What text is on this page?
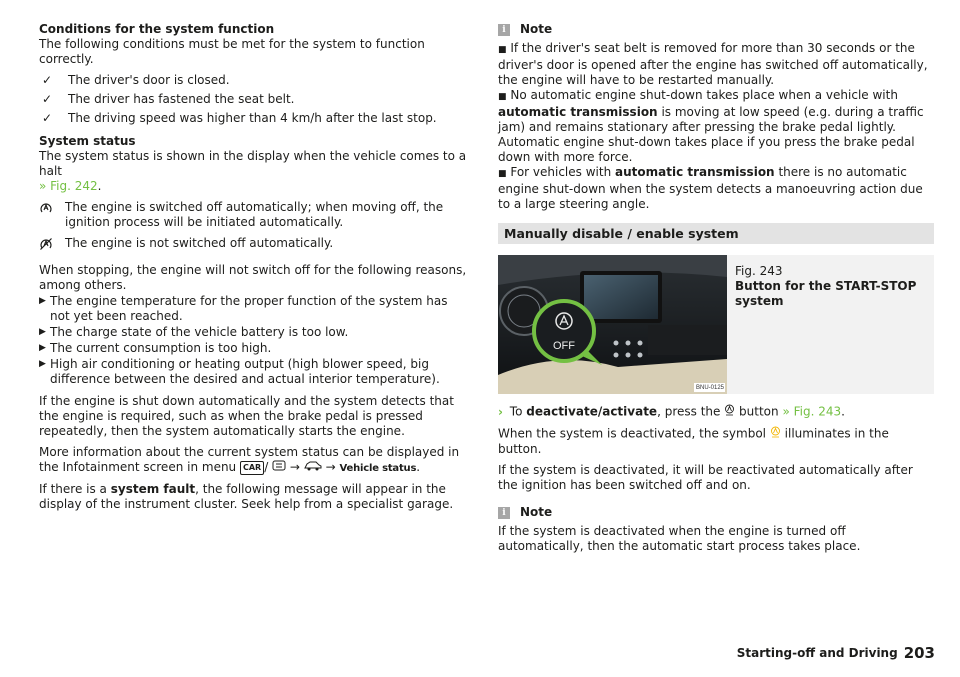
Conditions for the system function
The following conditions must be met for the system to function correctly.

✓	The driver's door is closed.
✓	The driver has fastened the seat belt.
✓	The driving speed was higher than 4 km/h after the last stop.

System status
The system status is shown in the display when the vehicle comes to a halt
» Fig. 242.

The engine is switched off automatically; when moving off, the ignition process will be initiated automatically.
The engine is not switched off automatically.

When stopping, the engine will not switch off for the following reasons, among others.

▶ The engine temperature for the proper function of the system has not yet been reached.
▶ The charge state of the vehicle battery is too low.
▶ The current consumption is too high.
▶ High air conditioning or heating output (high blower speed, big difference between the desired and actual interior temperature).

If the engine is shut down automatically and the system detects that the engine is required, such as when the brake pedal is pressed repeatedly, then the system automatically starts the engine.

More information about the current system status can be displayed in the Infotainment screen in menu CAR / → → Vehicle status.

If there is a system fault, the following message will appear in the display of the instrument cluster. Seek help from a specialist garage.

i	Note

■ If the driver's seat belt is removed for more than 30 seconds or the driver's door is opened after the engine has switched off automatically, the engine will have to be restarted manually.

■ No automatic engine shut-down takes place when a vehicle with automatic transmission is moving at low speed (e.g. during a traffic jam) and remains stationary after pressing the brake pedal lightly. Automatic engine shut-down takes place if you press the brake pedal down with more force.

■ For vehicles with automatic transmission there is no automatic engine shut-down when the system detects a manoeuvring action due to a large steering angle.

Manually disable / enable system
BNU-0125
OFF
Fig. 243
Button for the START-STOP system

› To deactivate/activate, press the button » Fig. 243.

When the system is deactivated, the symbol illuminates in the button.

If the system is deactivated, it will be reactivated automatically after the ignition has been switched off and on.

i	Note

If the system is deactivated when the engine is turned off automatically, then the automatic start process takes place.

Starting-off and Driving 203
